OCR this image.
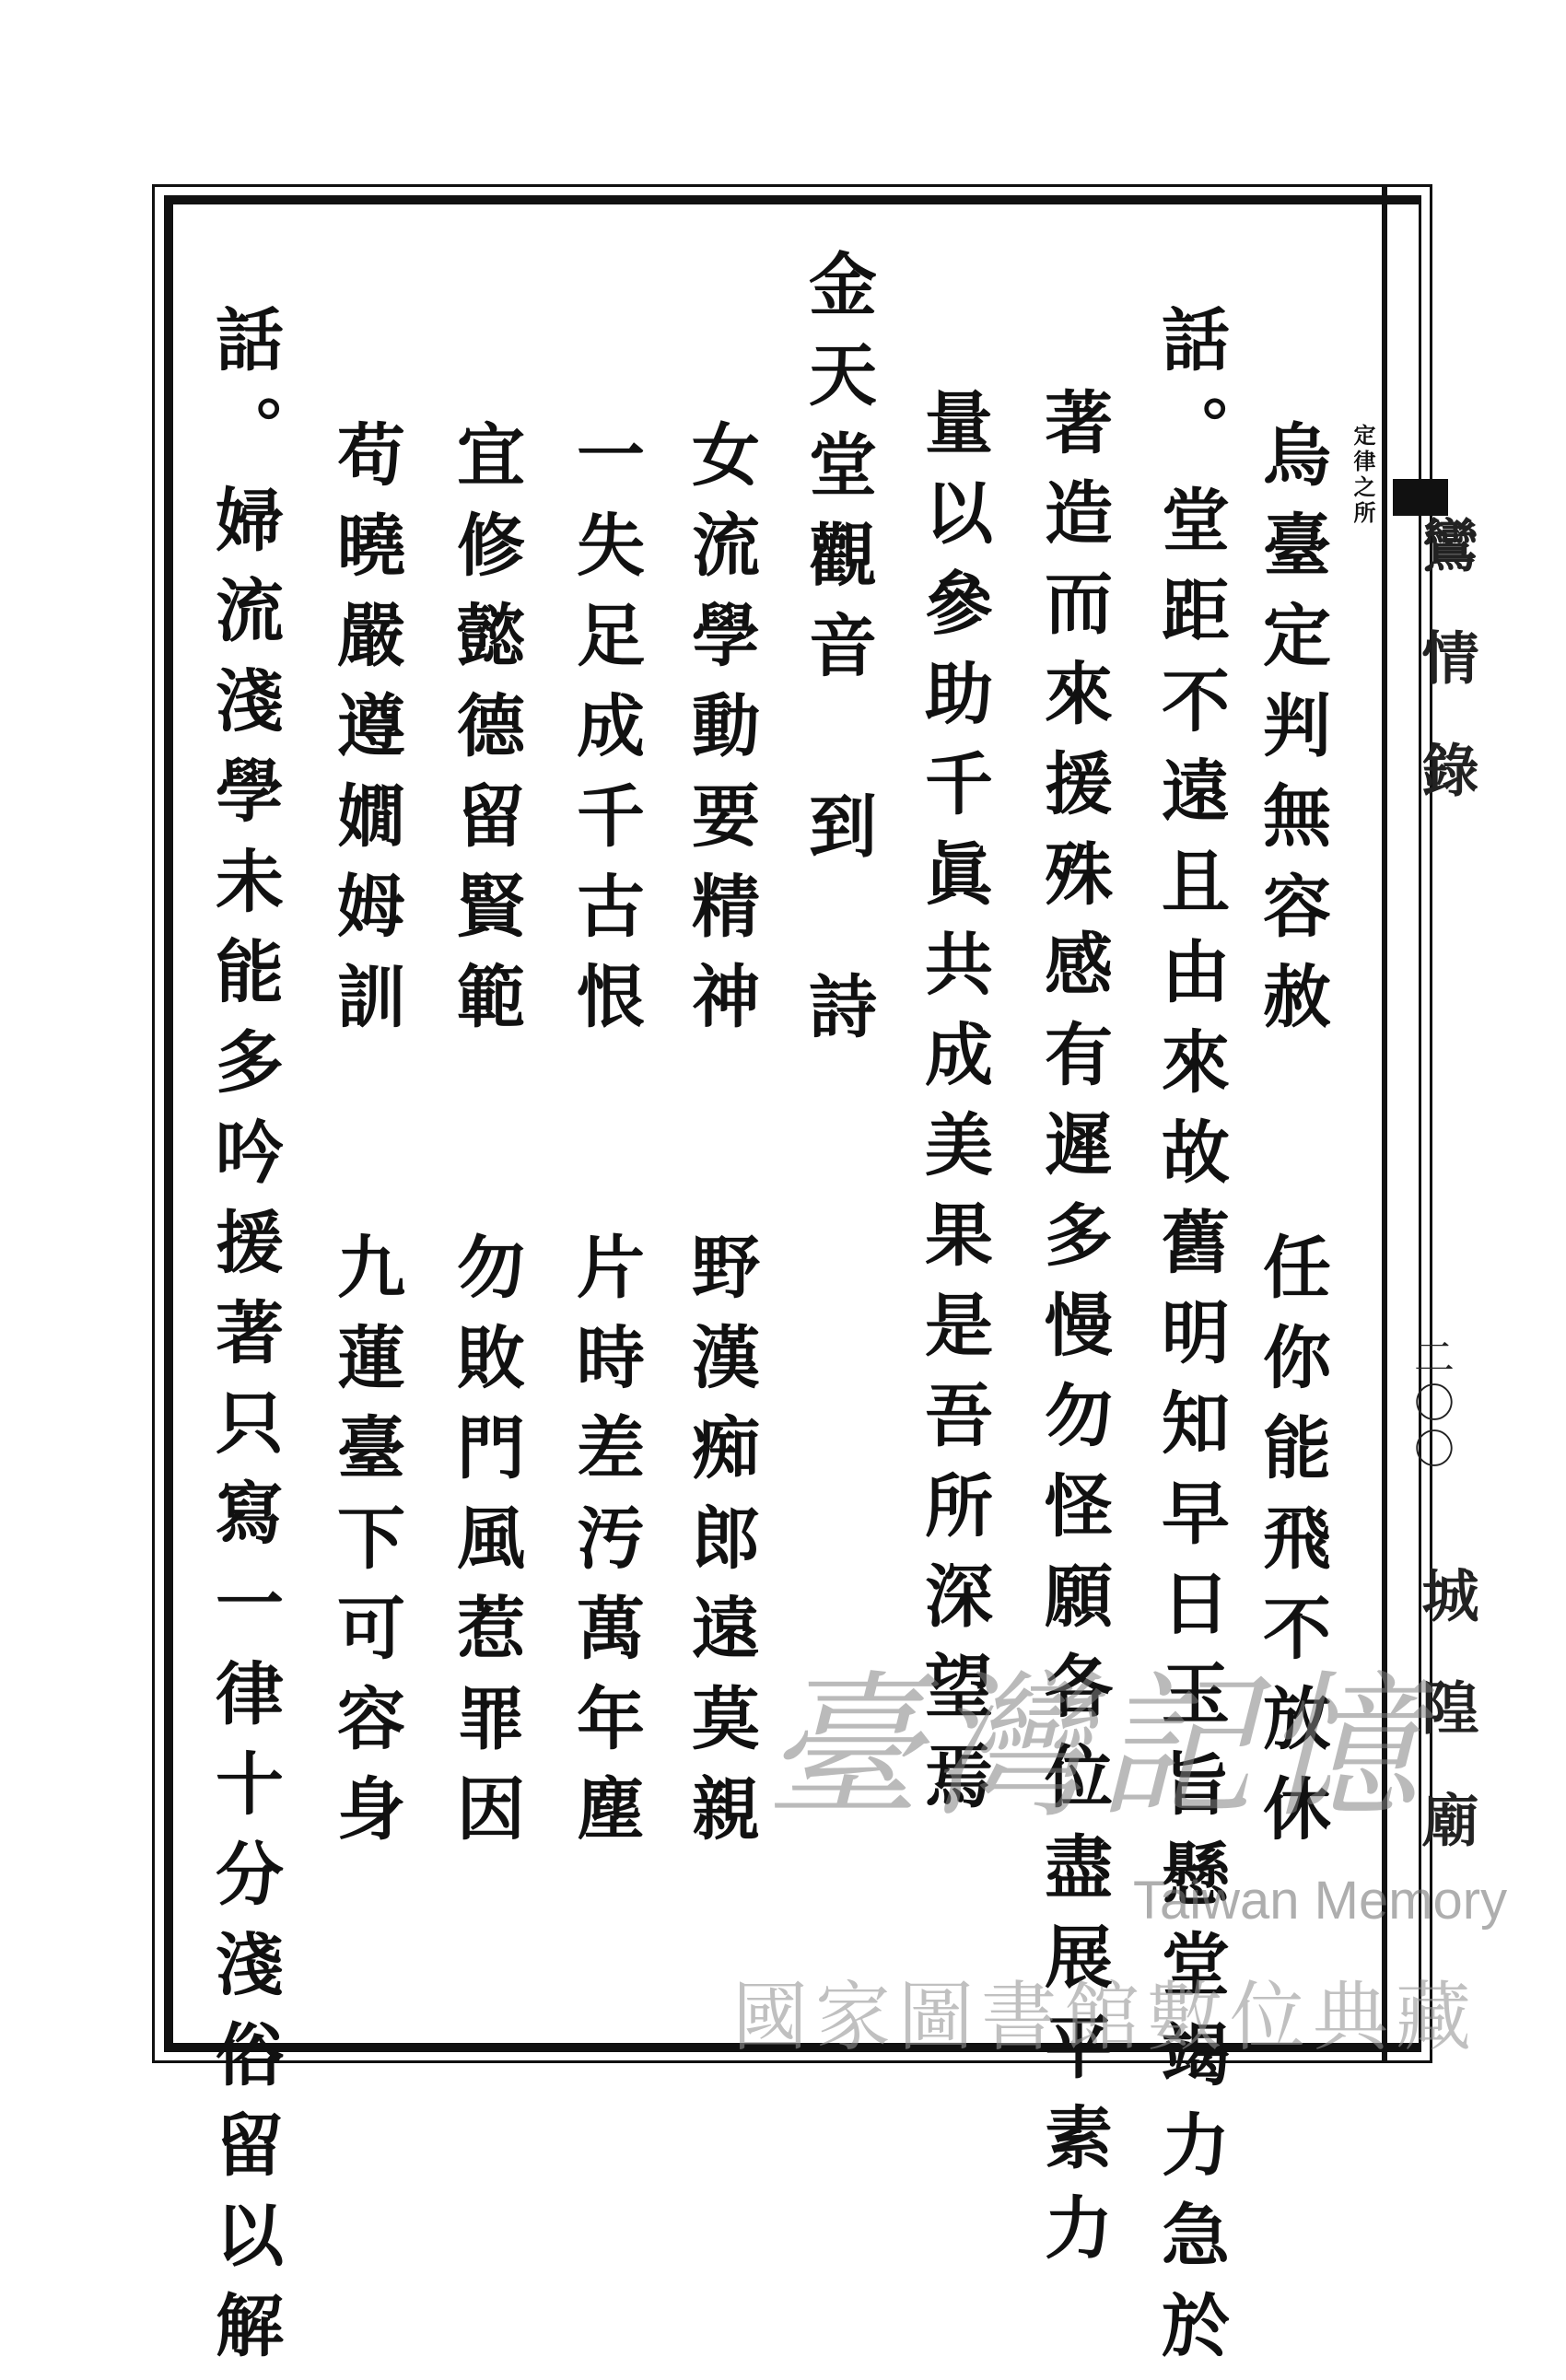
鸞情錄
二〇〇
城隍廟
定律之所
烏臺定判無容赦　　任你能飛不放休
話。堂距不遠且由來故舊明知早日玉旨懸堂竭力急於
著造而來援殊感有遲多慢勿怪願各位盡展平素力
量以參助千眞共成美果是吾所深望焉
金天堂觀音　到　詩
女流學動要精神　　野漢痴郎遠莫親
一失足成千古恨　　片時差汚萬年塵
宜修懿德留賢範　　勿敗門風惹罪因
苟曉嚴遵嫺姆訓　　九蓮臺下可容身
話。婦流淺學未能多吟援著只寫一律十分淺俗留以解	臺灣記憶
Taiwan Memory
國家圖書館數位典藏
